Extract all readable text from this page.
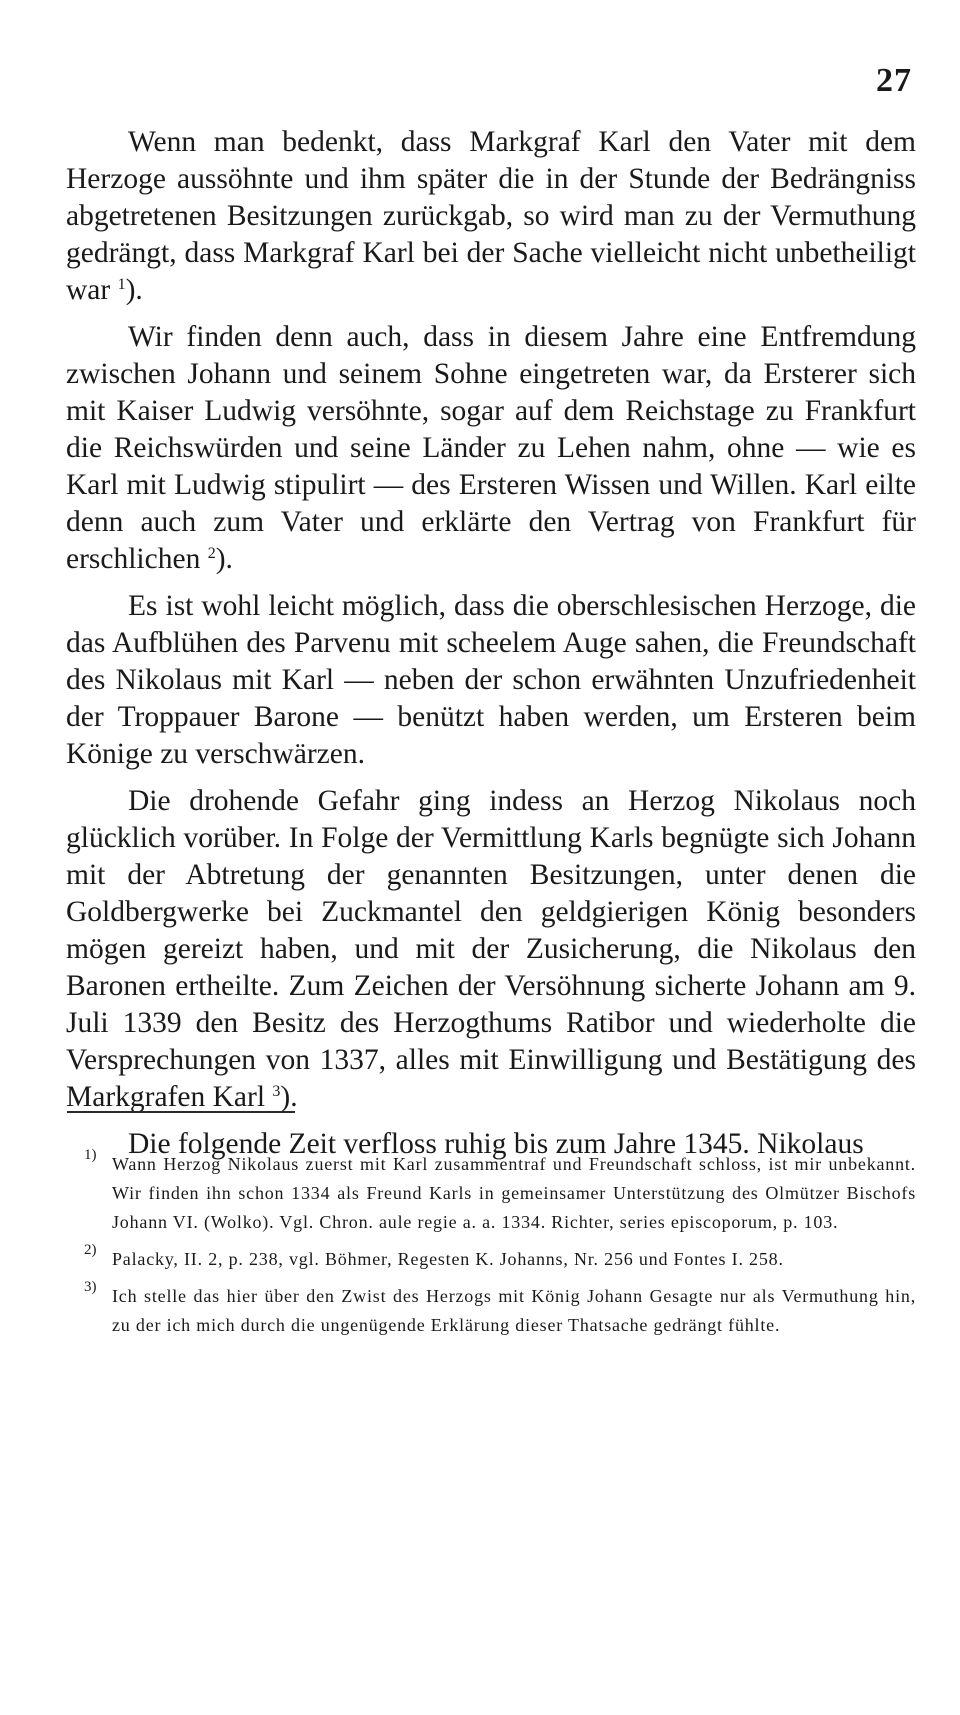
27

Wenn man bedenkt, dass Markgraf Karl den Vater mit dem Herzoge aussöhnte und ihm später die in der Stunde der Bedrängniss abgetretenen Besitzungen zurückgab, so wird man zu der Vermuthung gedrängt, dass Markgraf Karl bei der Sache vielleicht nicht unbetheiligt war $^1$).

Wir finden denn auch, dass in diesem Jahre eine Entfremdung zwischen Johann und seinem Sohne eingetreten war, da Ersterer sich mit Kaiser Ludwig versöhnte, sogar auf dem Reichstage zu Frankfurt die Reichswürden und seine Länder zu Lehen nahm, ohne — wie es Karl mit Ludwig stipulirt — des Ersteren Wissen und Willen. Karl eilte denn auch zum Vater und erklärte den Vertrag von Frankfurt für erschlichen $^2$).

Es ist wohl leicht möglich, dass die oberschlesischen Herzoge, die das Aufblühen des Parvenu mit scheelem Auge sahen, die Freundschaft des Nikolaus mit Karl — neben der schon erwähnten Unzufriedenheit der Troppauer Barone — benützt haben werden, um Ersteren beim Könige zu verschwärzen.

Die drohende Gefahr ging indess an Herzog Nikolaus noch glücklich vorüber. In Folge der Vermittlung Karls begnügte sich Johann mit der Abtretung der genannten Besitzungen, unter denen die Goldbergwerke bei Zuckmantel den geldgierigen König besonders mögen gereizt haben, und mit der Zusicherung, die Nikolaus den Baronen ertheilte. Zum Zeichen der Versöhnung sicherte Johann am 9. Juli 1339 den Besitz des Herzogthums Ratibor und wiederholte die Versprechungen von 1337, alles mit Einwilligung und Bestätigung des Markgrafen Karl $^3$).

Die folgende Zeit verfloss ruhig bis zum Jahre 1345. Nikolaus

1) Wann Herzog Nikolaus zuerst mit Karl zusammentraf und Freundschaft schloss, ist mir unbekannt. Wir finden ihn schon 1334 als Freund Karls in gemeinsamer Unterstützung des Olmützer Bischofs Johann VI. (Wolko). Vgl. Chron. aule regie a. a. 1334. Richter, series episcoporum, p. 103.
2) Palacky, II. 2, p. 238, vgl. Böhmer, Regesten K. Johanns, Nr. 256 und Fontes I. 258.
3) Ich stelle das hier über den Zwist des Herzogs mit König Johann Gesagte nur als Vermuthung hin, zu der ich mich durch die ungenügende Erklärung dieser Thatsache gedrängt fühlte.
